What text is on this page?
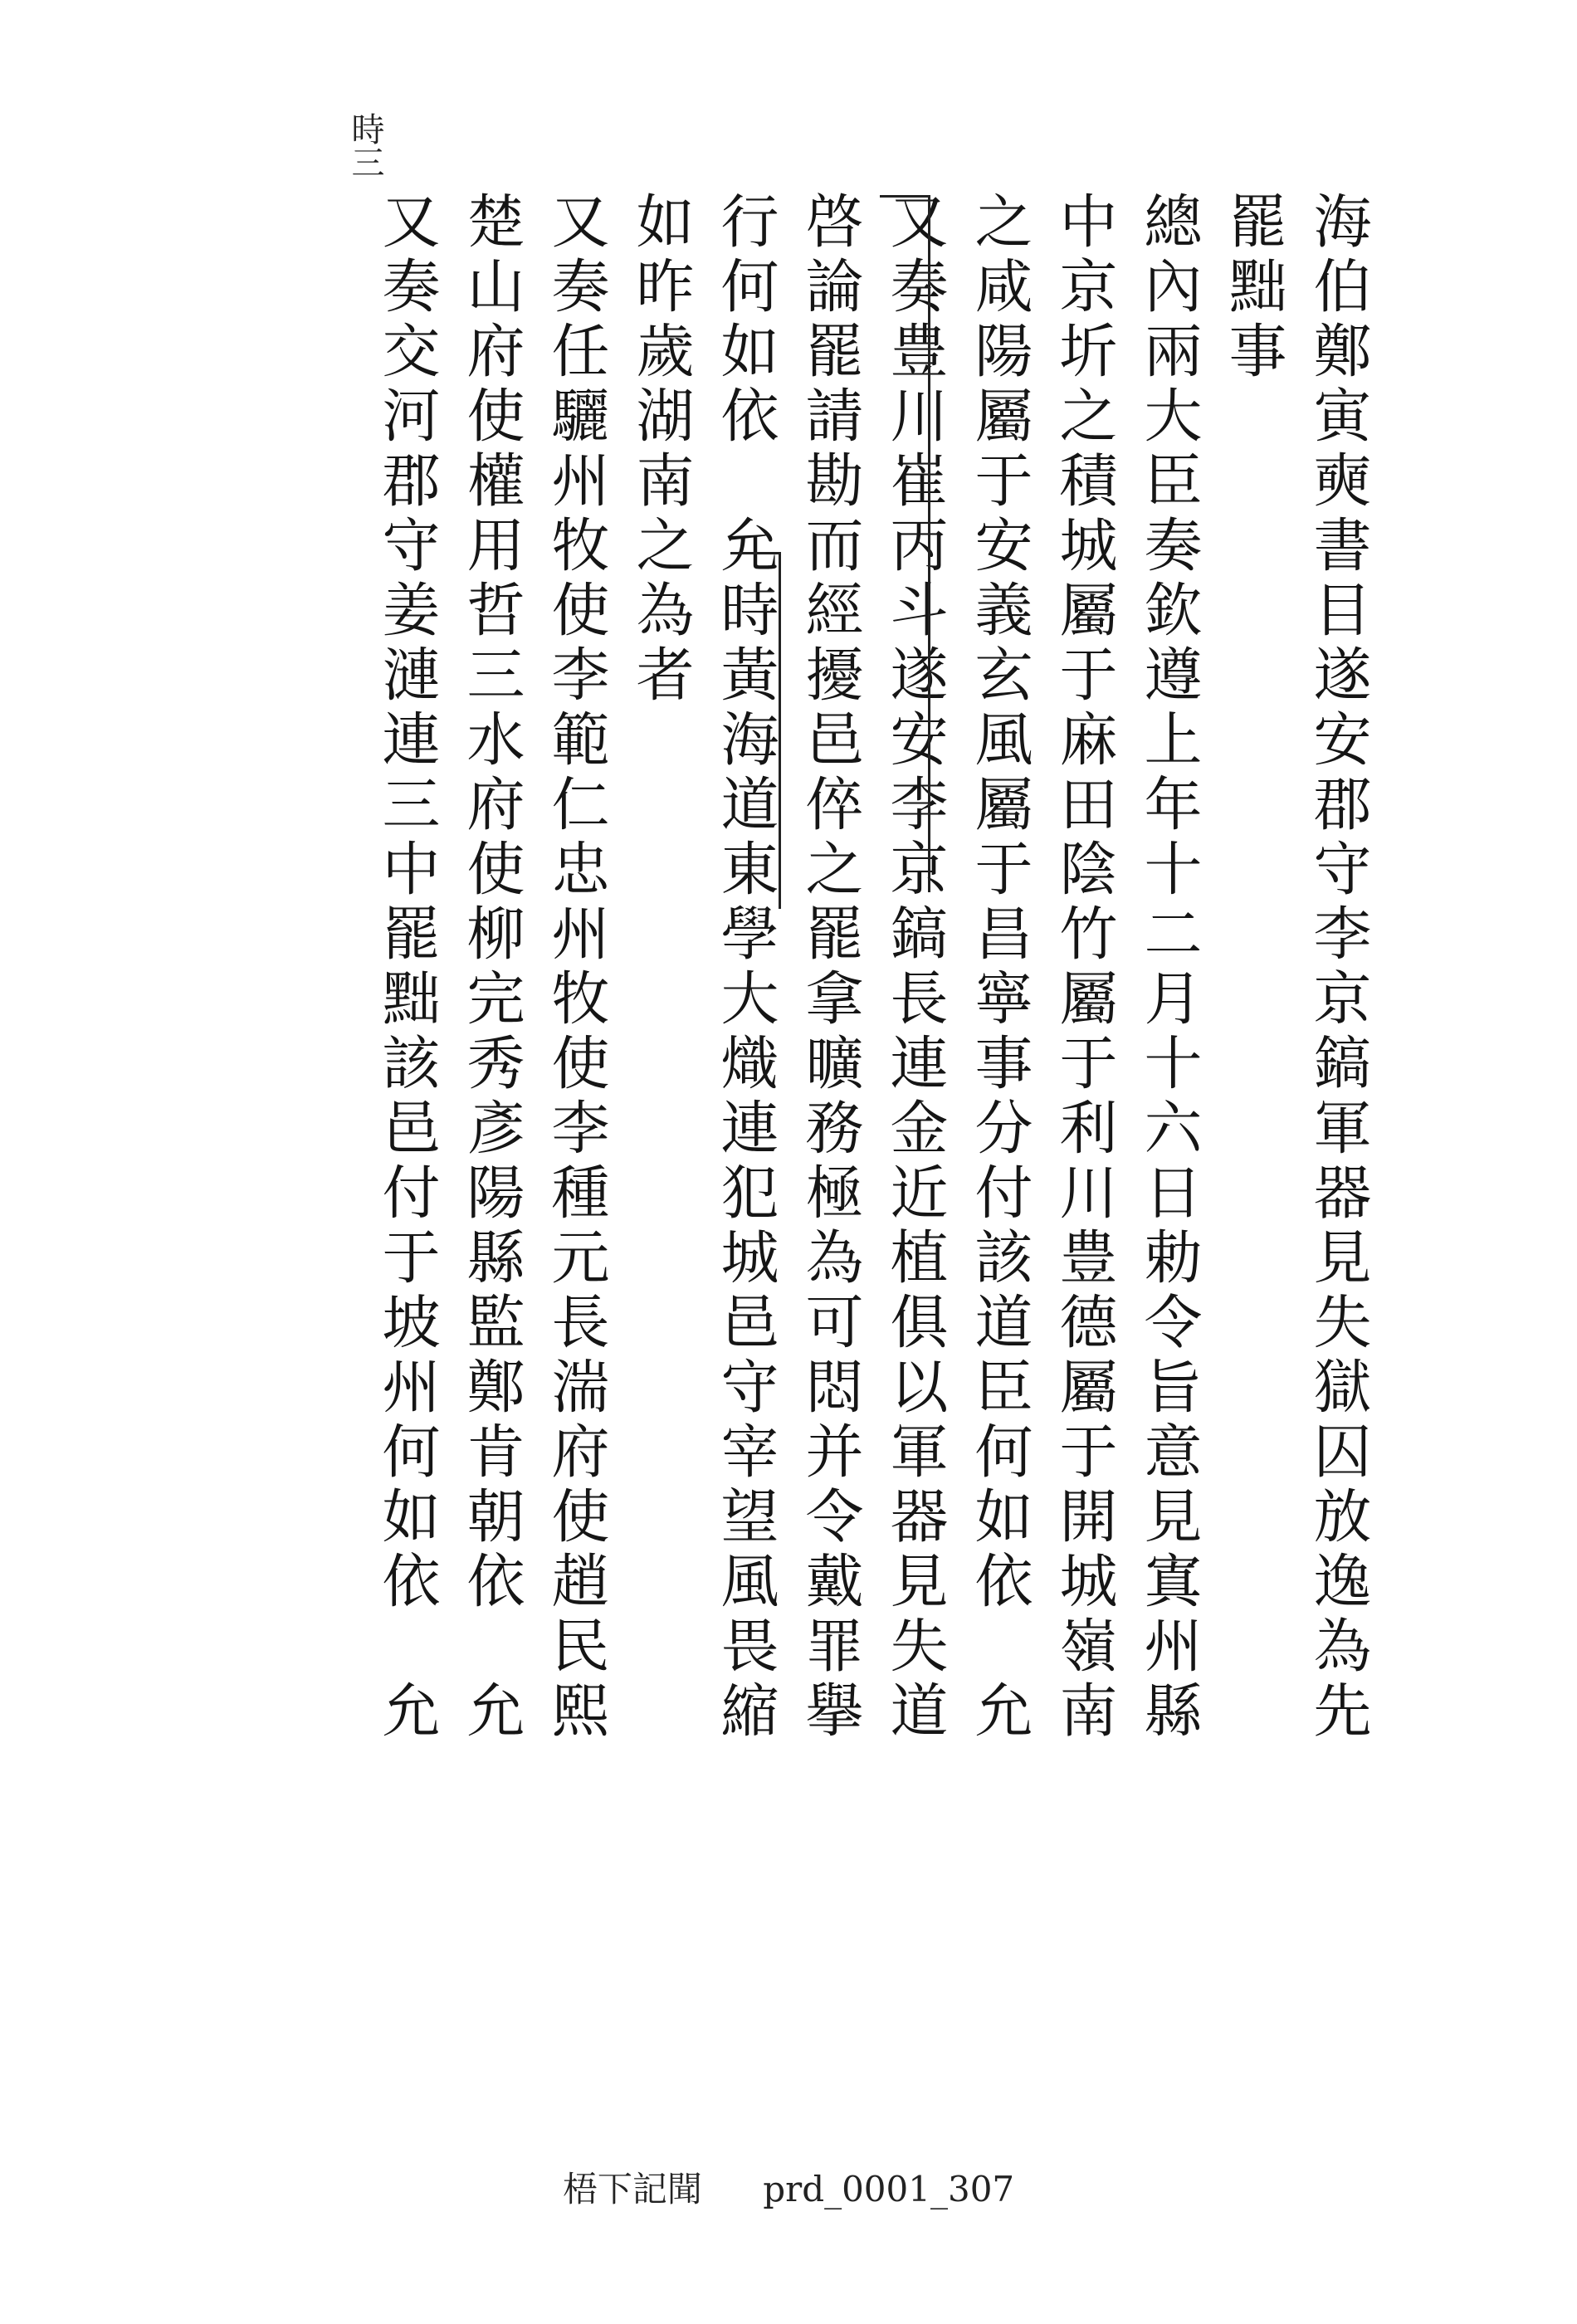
時三
海伯鄭寅奭書目遂安郡守李京鎬軍器見失獄囚放逸為先
罷黜事
總內兩大臣奏欽遵上年十二月十六日勅令旨意見寘州縣
中京圻之積城屬于麻田陰竹屬于利川豊德屬于開城嶺南
之咸陽屬于安義玄風屬于昌寧事分付該道臣何如依　允
又奏豊川崔丙斗遂安李京鎬長連金近植俱以軍器見失道
啓論罷請勘而經擾邑倅之罷拿曠務極為可悶并令戴罪擧
行何如依　允時黃海道東學大熾連犯城邑守宰望風畏縮
如昨歲湖南之為者
又奏任驪州牧使李範仁忠州牧使李種元長湍府使趙民熙
楚山府使權用哲三水府使柳完秀彥陽縣監鄭肯朝依　允
又奏交河郡守姜漣連三中罷黜該邑付于坡州何如依　允
梧下記聞 prd_0001_307
